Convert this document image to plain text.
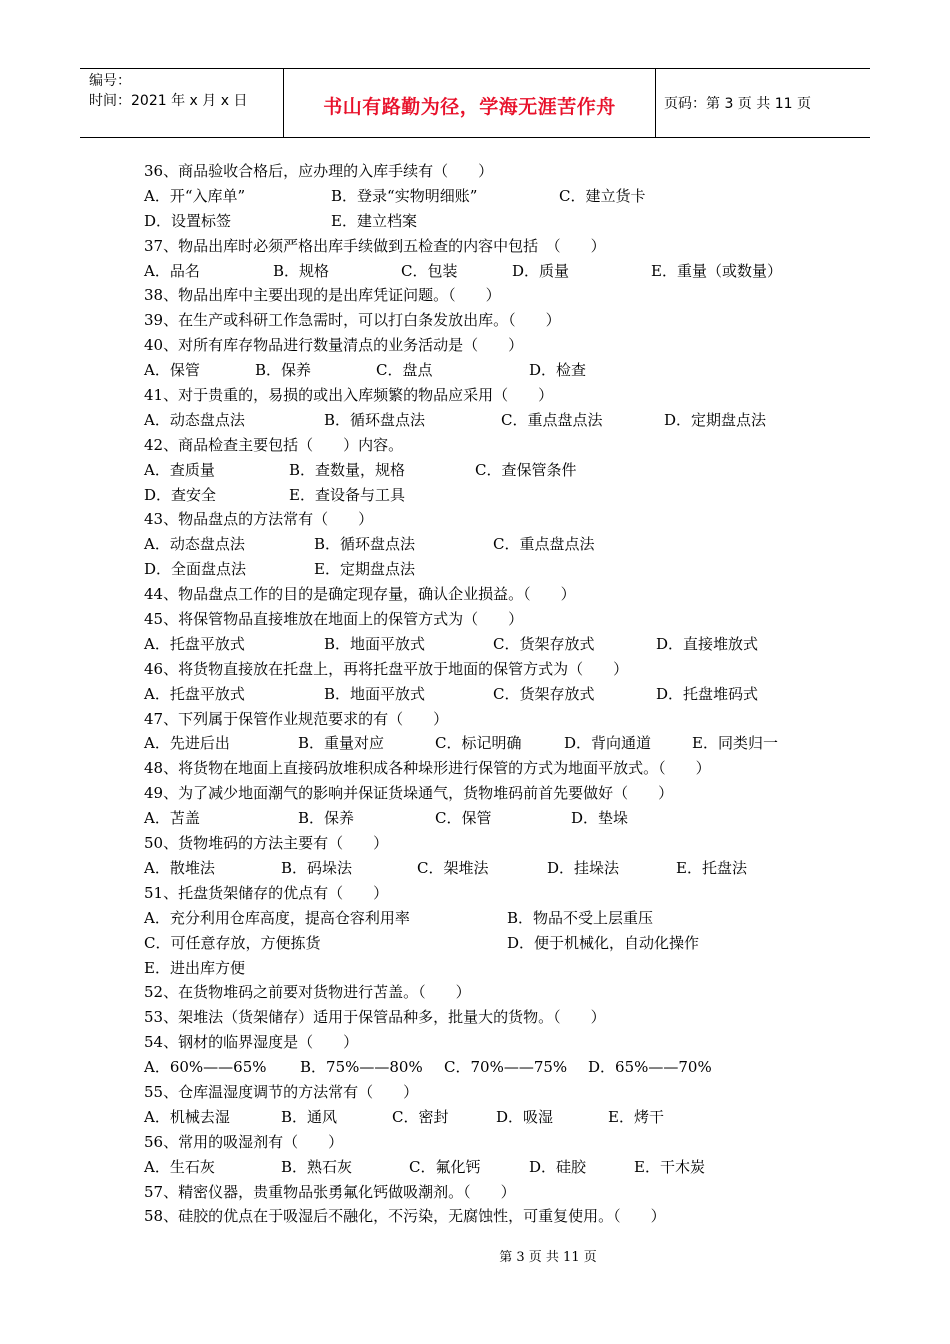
编号：
时间：2021 年 x 月 x 日	书山有路勤为径，学海无涯苦作舟	页码：第 3 页 共 11 页
36、商品验收合格后，应办理的入库手续有（　　）
A．开“入库单”	B．登录“实物明细账”	C．建立货卡
D．设置标签	E．建立档案
37、物品出库时必须严格出库手续做到五检查的内容中包括　（　　）
A．品名	B．规格	C．包装	D．质量	E．重量（或数量）
38、物品出库中主要出现的是出库凭证问题。（　　）
39、在生产或科研工作急需时，可以打白条发放出库。（　　）
40、对所有库存物品进行数量清点的业务活动是（　　）
A．保管	B．保养	C．盘点	D．检查
41、对于贵重的，易损的或出入库频繁的物品应采用（　　）
A．动态盘点法	B．循环盘点法	C．重点盘点法	D．定期盘点法
42、商品检查主要包括（　　）内容。
A．查质量	B．查数量，规格	C．查保管条件
D．查安全	E．查设备与工具
43、物品盘点的方法常有（　　）
A．动态盘点法	B．循环盘点法	C．重点盘点法
D．全面盘点法	E．定期盘点法
44、物品盘点工作的目的是确定现存量，确认企业损益。（　　）
45、将保管物品直接堆放在地面上的保管方式为（　　）
A．托盘平放式	B．地面平放式	C．货架存放式	D．直接堆放式
46、将货物直接放在托盘上，再将托盘平放于地面的保管方式为（　　）
A．托盘平放式	B．地面平放式	C．货架存放式	D．托盘堆码式
47、下列属于保管作业规范要求的有（　　）
A．先进后出	B．重量对应	C．标记明确	D．背向通道	E．同类归一
48、将货物在地面上直接码放堆积成各种垛形进行保管的方式为地面平放式。（　　）
49、为了减少地面潮气的影响并保证货垛通气，货物堆码前首先要做好（　　）
A．苫盖	B．保养	C．保管	D．垫垛
50、货物堆码的方法主要有（　　）
A．散堆法	B．码垛法	C．架堆法	D．挂垛法	E．托盘法
51、托盘货架储存的优点有（　　）
A．充分利用仓库高度，提高仓容利用率	B．物品不受上层重压
C．可任意存放，方便拣货	D．便于机械化，自动化操作
E．进出库方便
52、在货物堆码之前要对货物进行苫盖。（　　）
53、架堆法（货架储存）适用于保管品种多，批量大的货物。（　　）
54、钢材的临界湿度是（　　）
A．60%——65% B．75%——80% C．70%——75% D．65%——70%
55、仓库温湿度调节的方法常有（　　）
A．机械去湿	B．通风	C．密封	D．吸湿	E．烤干
56、常用的吸湿剂有（　　）
A．生石灰	B．熟石灰	C．氟化钙	D．硅胶	E．干木炭
57、精密仪器，贵重物品张勇氟化钙做吸潮剂。（　　）
58、硅胶的优点在于吸湿后不融化，不污染，无腐蚀性，可重复使用。（　　）
第 3 页 共 11 页
